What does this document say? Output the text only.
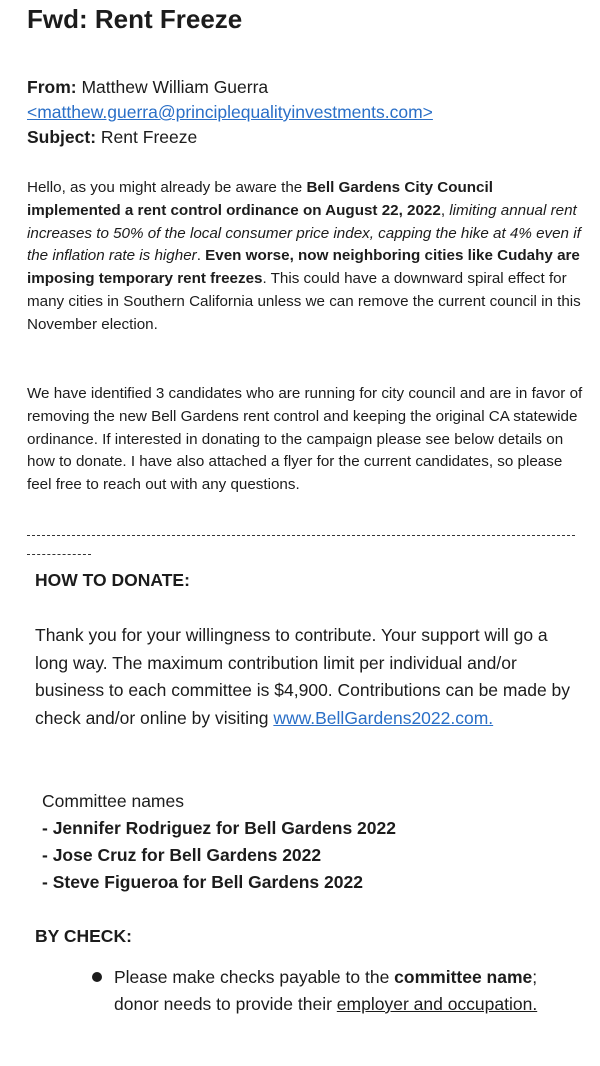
Fwd: Rent Freeze
From: Matthew William Guerra
<matthew.guerra@principlequalityinvestments.com>
Subject: Rent Freeze

Hello, as you might already be aware the Bell Gardens City Council implemented a rent control ordinance on August 22, 2022, limiting annual rent increases to 50% of the local consumer price index, capping the hike at 4% even if the inflation rate is higher. Even worse, now neighboring cities like Cudahy are imposing temporary rent freezes. This could have a downward spiral effect for many cities in Southern California unless we can remove the current council in this November election.

We have identified 3 candidates who are running for city council and are in favor of removing the new Bell Gardens rent control and keeping the original CA statewide ordinance. If interested in donating to the campaign please see below details on how to donate. I have also attached a flyer for the current candidates, so please feel free to reach out with any questions.

HOW TO DONATE:

Thank you for your willingness to contribute. Your support will go a long way. The maximum contribution limit per individual and/or business to each committee is $4,900. Contributions can be made by check and/or online by visiting www.BellGardens2022.com.

Committee names
- Jennifer Rodriguez for Bell Gardens 2022
- Jose Cruz for Bell Gardens 2022
- Steve Figueroa for Bell Gardens 2022
BY CHECK:

Please make checks payable to the committee name; donor needs to provide their employer and occupation.
